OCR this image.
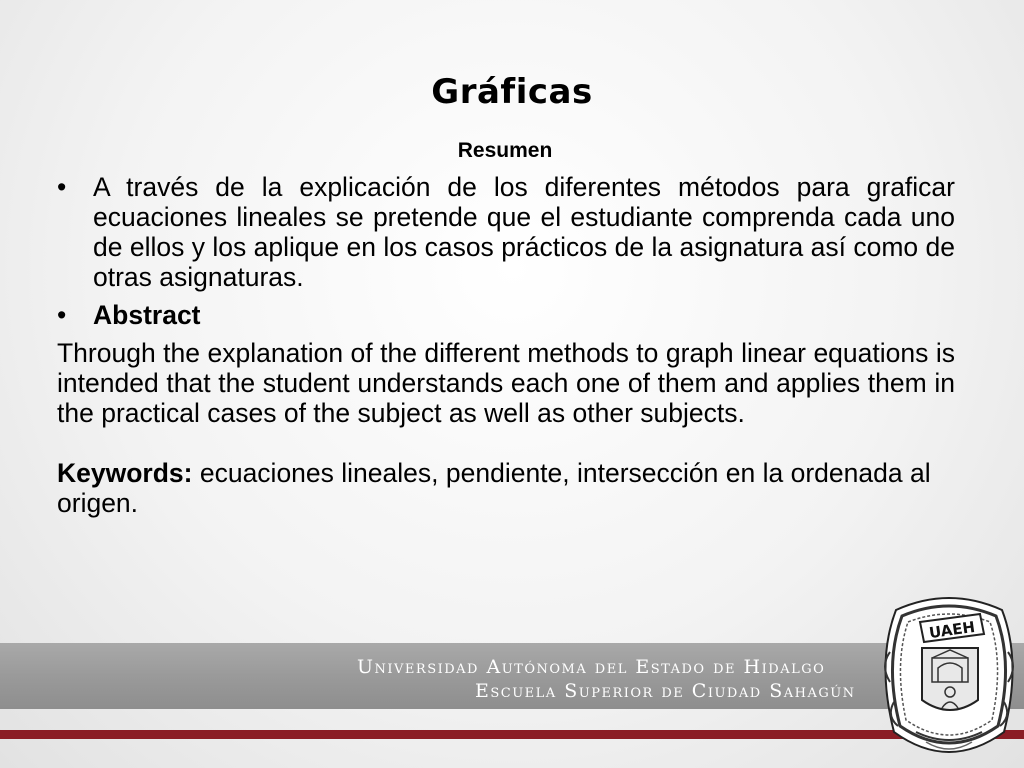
Gráficas
Resumen
• A través de la explicación de los diferentes métodos para graficar ecuaciones lineales se pretende que el estudiante comprenda cada uno de ellos y los aplique en los casos prácticos de la asignatura así como de otras asignaturas.
• Abstract
Through the explanation of the different methods to graph linear equations is intended that the student understands each one of them and applies them in the practical cases of the subject as well as other subjects.
Keywords: ecuaciones lineales, pendiente, intersección en la ordenada al origen.
Universidad Autónoma del Estado de Hidalgo
Escuela Superior de Ciudad Sahagún
UAEH
